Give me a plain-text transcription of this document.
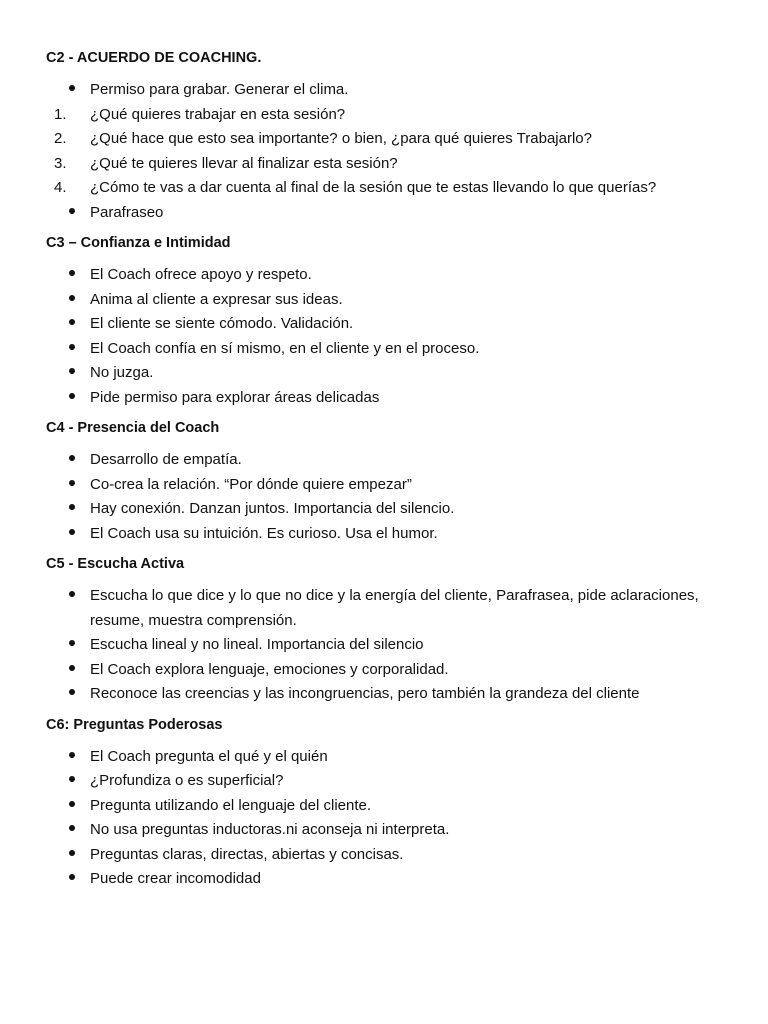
C2 - ACUERDO DE COACHING.
Permiso para grabar. Generar el clima.
1.	¿Qué quieres trabajar en esta sesión?
2.	¿Qué hace que esto sea importante? o bien, ¿para qué quieres Trabajarlo?
3.	¿Qué te quieres llevar al finalizar esta sesión?
4.	¿Cómo te vas a dar cuenta al final de la sesión que te estas llevando lo que querías?
Parafraseo
C3 – Confianza e Intimidad
El Coach ofrece apoyo y respeto.
Anima al cliente a expresar sus ideas.
El cliente se siente cómodo. Validación.
El Coach confía en sí mismo, en el cliente y en el proceso.
No juzga.
Pide permiso para explorar áreas delicadas
C4 - Presencia del Coach
Desarrollo de empatía.
Co-crea la relación. “Por dónde quiere empezar”
Hay conexión. Danzan juntos. Importancia del silencio.
El Coach usa su intuición. Es curioso. Usa el humor.
C5 - Escucha Activa
Escucha lo que dice y lo que no dice y la energía del cliente, Parafrasea, pide aclaraciones, resume, muestra comprensión.
Escucha lineal y no lineal. Importancia del silencio
El Coach explora lenguaje, emociones y corporalidad.
Reconoce las creencias y las incongruencias, pero también la grandeza del cliente
C6: Preguntas Poderosas
El Coach pregunta el qué y el quién
¿Profundiza o es superficial?
Pregunta utilizando el lenguaje del cliente.
No usa preguntas inductoras.ni aconseja ni interpreta.
Preguntas claras, directas, abiertas y concisas.
Puede crear incomodidad
